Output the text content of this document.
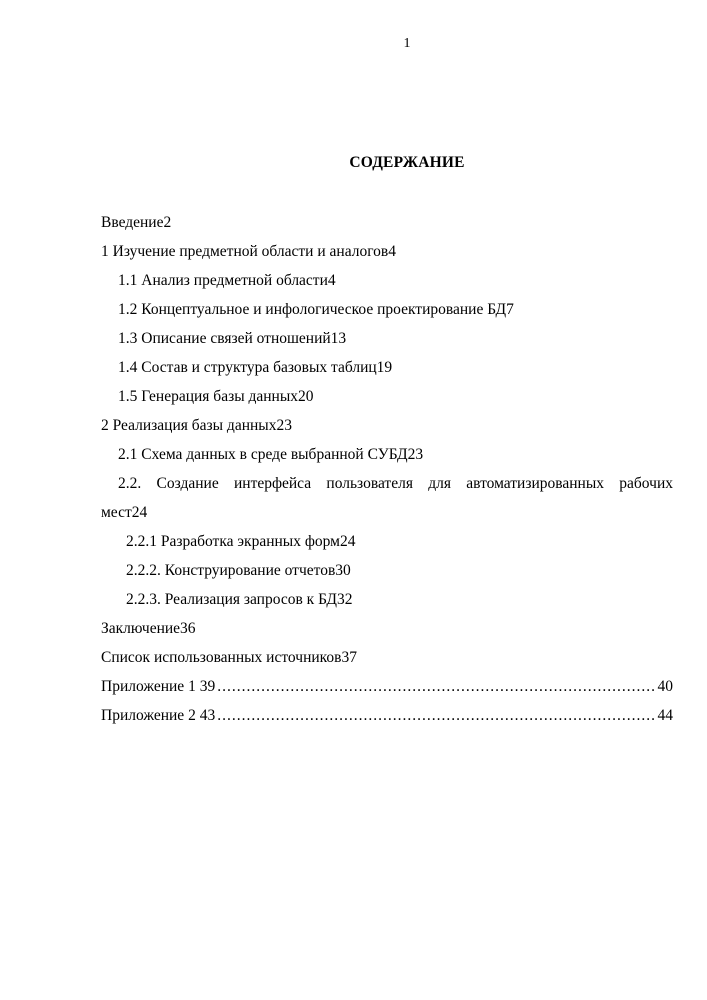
1
СОДЕРЖАНИЕ
Введение2
1 Изучение предметной области и аналогов4
1.1 Анализ предметной области4
1.2 Концептуальное и инфологическое проектирование БД7
1.3 Описание связей отношений13
1.4 Состав и структура базовых таблиц19
1.5 Генерация базы данных20
2 Реализация базы данных23
2.1 Схема данных в среде выбранной СУБД23
2.2. Создание интерфейса пользователя для автоматизированных рабочих
мест24
2.2.1 Разработка экранных форм24
2.2.2. Конструирование отчетов30
2.2.3. Реализация запросов к БД32
Заключение36
Список использованных источников37
Приложение 1 39 .....	40
Приложение 2 43 .....	44
